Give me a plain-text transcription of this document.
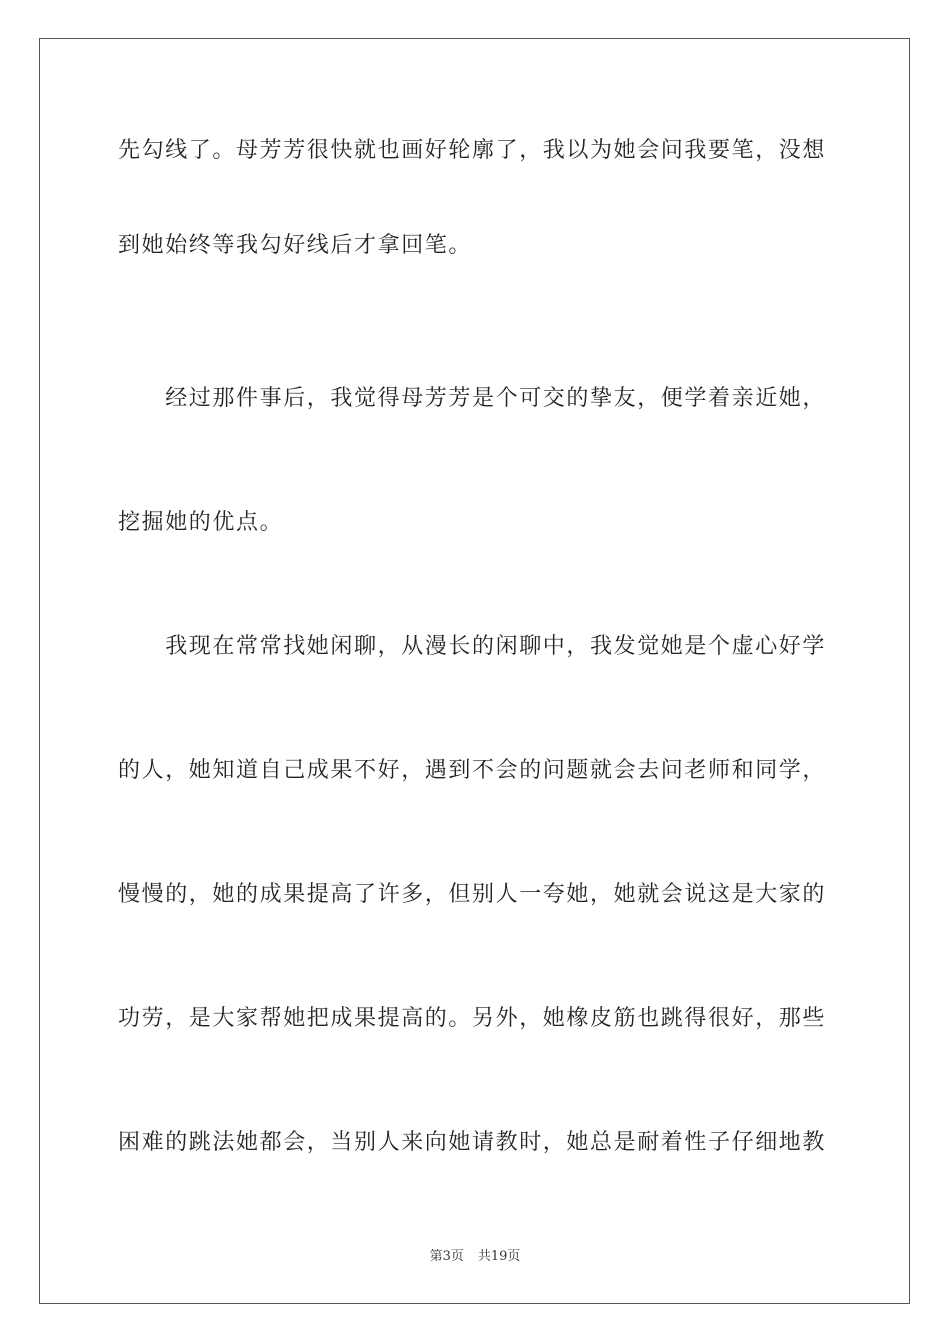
先勾线了。母芳芳很快就也画好轮廓了，我以为她会问我要笔，没想
到她始终等我勾好线后才拿回笔。
　　经过那件事后，我觉得母芳芳是个可交的挚友，便学着亲近她，
挖掘她的优点。
　　我现在常常找她闲聊，从漫长的闲聊中，我发觉她是个虚心好学
的人，她知道自己成果不好，遇到不会的问题就会去问老师和同学，
慢慢的，她的成果提高了许多，但别人一夸她，她就会说这是大家的
功劳，是大家帮她把成果提高的。另外，她橡皮筋也跳得很好，那些
困难的跳法她都会，当别人来向她请教时，她总是耐着性子仔细地教
第3页 共19页
